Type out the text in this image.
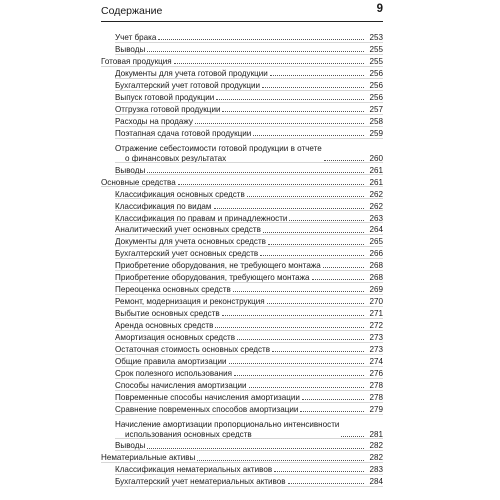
Содержание	9
Учет брака	253
Выводы	255
Готовая продукция	255
Документы для учета готовой продукции	256
Бухгалтерский учет готовой продукции	256
Выпуск готовой продукции	256
Отгрузка готовой продукции	257
Расходы на продажу	258
Поэтапная сдача готовой продукции	259
Отражение себестоимости готовой продукции в отчете
о финансовых результатах	260
Выводы	261
Основные средства	261
Классификация основных средств	262
Классификация по видам	262
Классификация по правам и принадлежности	263
Аналитический учет основных средств	264
Документы для учета основных средств	265
Бухгалтерский учет основных средств	266
Приобретение оборудования, не требующего монтажа	268
Приобретение оборудования, требующего монтажа	268
Переоценка основных средств	269
Ремонт, модернизация и реконструкция	270
Выбытие основных средств	271
Аренда основных средств	272
Амортизация основных средств	273
Остаточная стоимость основных средств	273
Общие правила амортизации	274
Срок полезного использования	276
Способы начисления амортизации	278
Повременные способы начисления амортизации	278
Сравнение повременных способов амортизации	279
Начисление амортизации пропорционально интенсивности
использования основных средств	281
Выводы	282
Нематериальные активы	282
Классификация нематериальных активов	283
Бухгалтерский учет нематериальных активов	284
